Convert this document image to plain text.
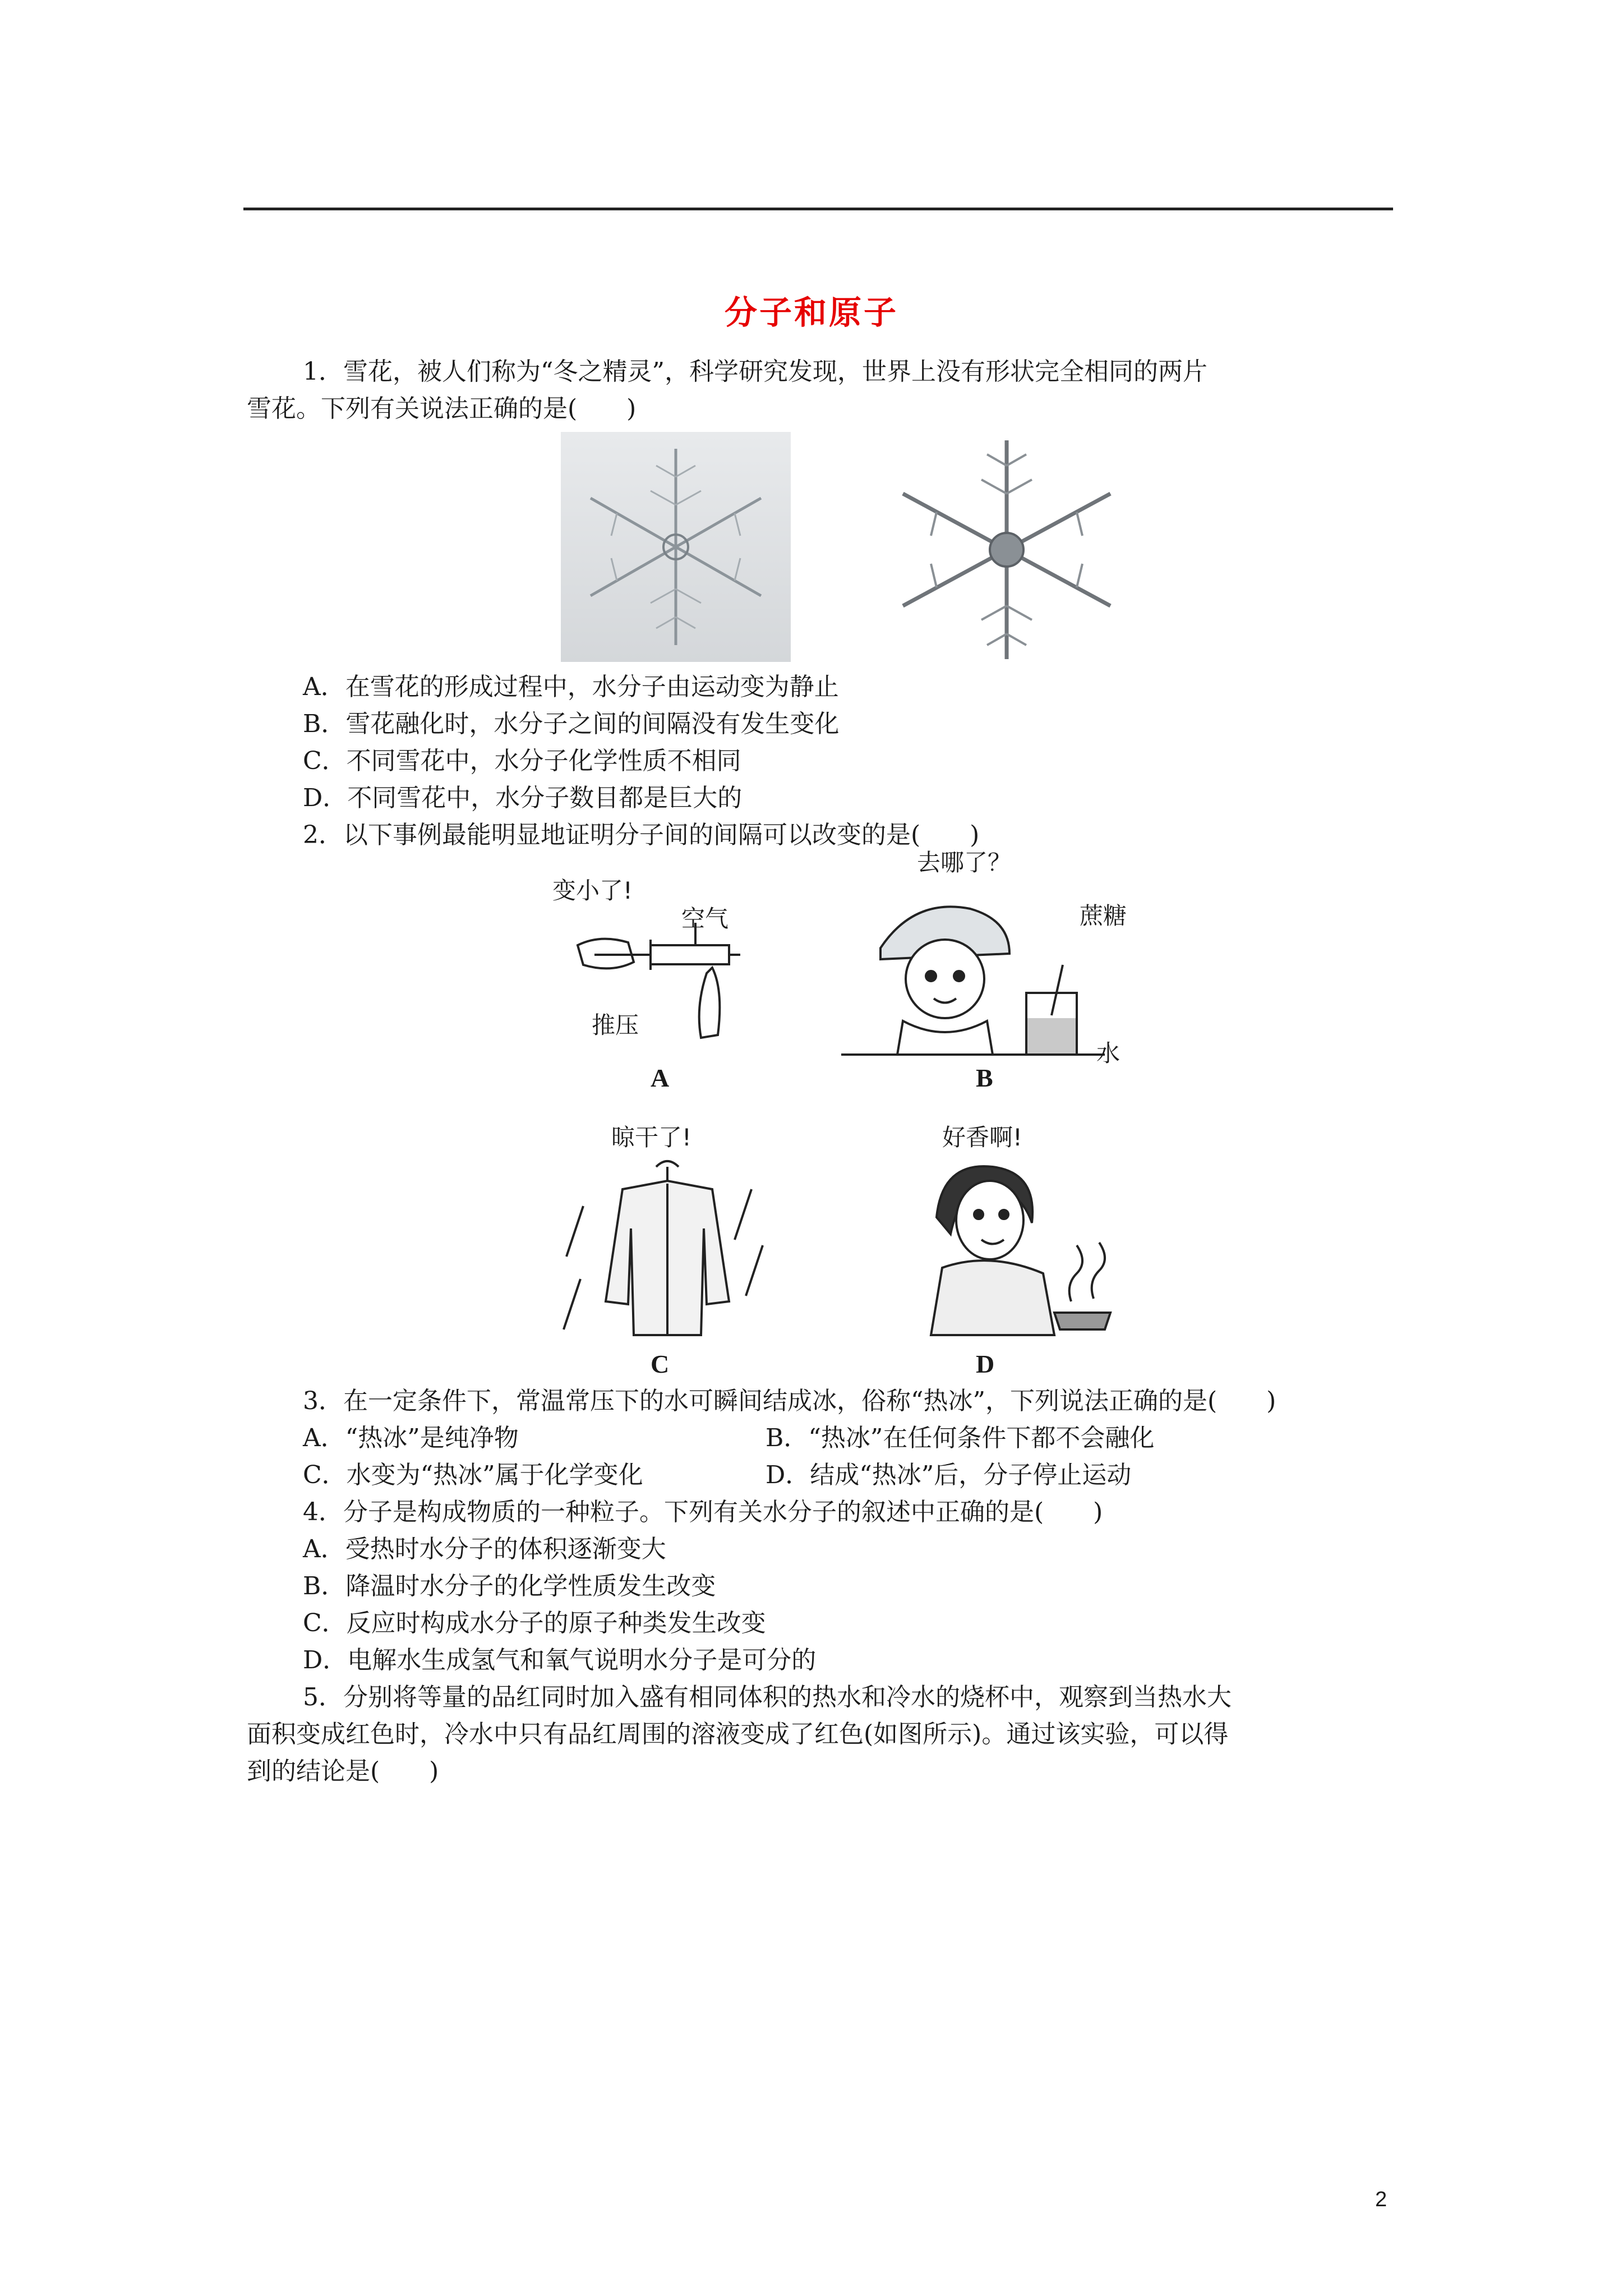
分子和原子
1．雪花，被人们称为“冬之精灵”，科学研究发现，世界上没有形状完全相同的两片
雪花。下列有关说法正确的是(　　)
A．在雪花的形成过程中，水分子由运动变为静止
B．雪花融化时，水分子之间的间隔没有发生变化
C．不同雪花中，水分子化学性质不相同
D．不同雪花中，水分子数目都是巨大的
2．以下事例最能明显地证明分子间的间隔可以改变的是(　　)
变小了!
空气
推压
A
去哪了？
蔗糖
水
B
晾干了!
C
好香啊!
D
3．在一定条件下，常温常压下的水可瞬间结成冰，俗称“热冰”，下列说法正确的是(　　)
A．“热冰”是纯净物	B．“热冰”在任何条件下都不会融化
C．水变为“热冰”属于化学变化	D．结成“热冰”后，分子停止运动
4．分子是构成物质的一种粒子。下列有关水分子的叙述中正确的是(　　)
A．受热时水分子的体积逐渐变大
B．降温时水分子的化学性质发生改变
C．反应时构成水分子的原子种类发生改变
D．电解水生成氢气和氧气说明水分子是可分的
5．分别将等量的品红同时加入盛有相同体积的热水和冷水的烧杯中，观察到当热水大
面积变成红色时，冷水中只有品红周围的溶液变成了红色(如图所示)。通过该实验，可以得
到的结论是(　　)
2
